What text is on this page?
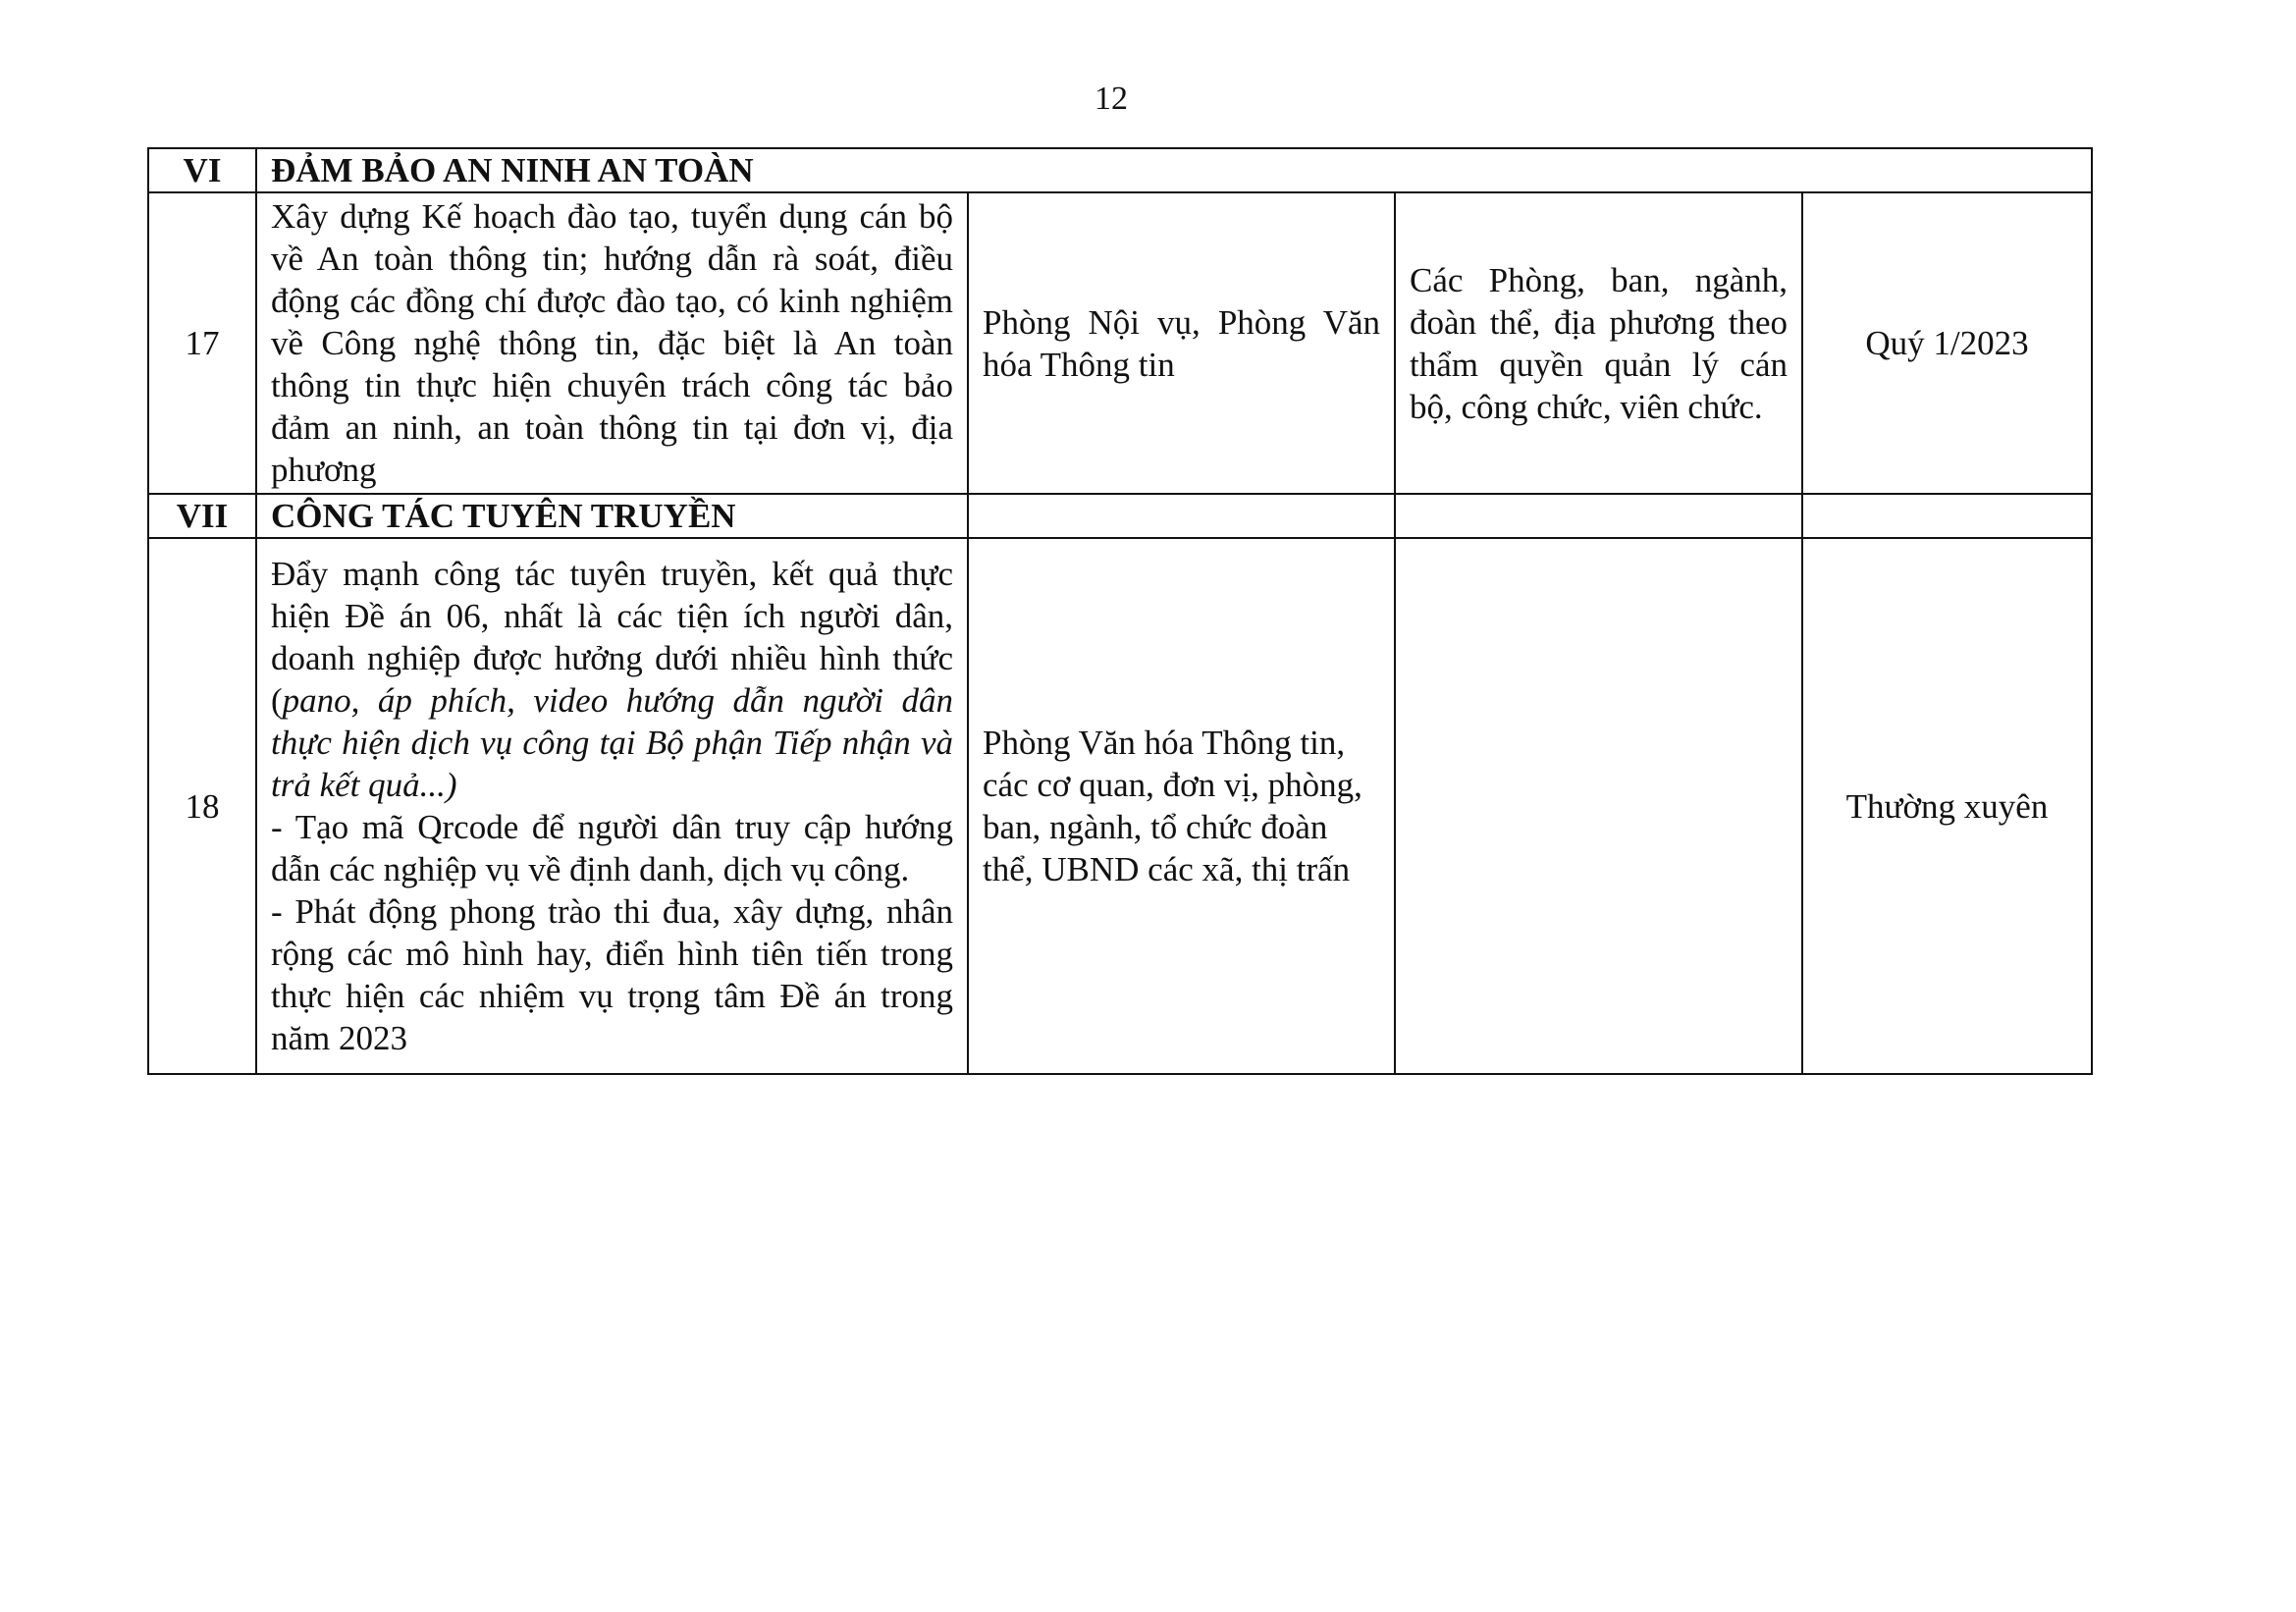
12
VI	ĐẢM BẢO AN NINH AN TOÀN			
17	Xây dựng Kế hoạch đào tạo, tuyển dụng cán bộ về An toàn thông tin; hướng dẫn rà soát, điều động các đồng chí được đào tạo, có kinh nghiệm về Công nghệ thông tin, đặc biệt là An toàn thông tin thực hiện chuyên trách công tác bảo đảm an ninh, an toàn thông tin tại đơn vị, địa phương	Phòng Nội vụ, Phòng Văn hóa Thông tin	Các Phòng, ban, ngành, đoàn thể, địa phương theo thẩm quyền quản lý cán bộ, công chức, viên chức.	Quý 1/2023
VII	CÔNG TÁC TUYÊN TRUYỀN			
18	Đẩy mạnh công tác tuyên truyền, kết quả thực hiện Đề án 06, nhất là các tiện ích người dân, doanh nghiệp được hưởng dưới nhiều hình thức (pano, áp phích, video hướng dẫn người dân thực hiện dịch vụ công tại Bộ phận Tiếp nhận và trả kết quả...)
- Tạo mã Qrcode để người dân truy cập hướng dẫn các nghiệp vụ về định danh, dịch vụ công.
- Phát động phong trào thi đua, xây dựng, nhân rộng các mô hình hay, điển hình tiên tiến trong thực hiện các nhiệm vụ trọng tâm Đề án trong năm 2023	Phòng Văn hóa Thông tin, các cơ quan, đơn vị, phòng, ban, ngành, tổ chức đoàn thể, UBND các xã, thị trấn		Thường xuyên
